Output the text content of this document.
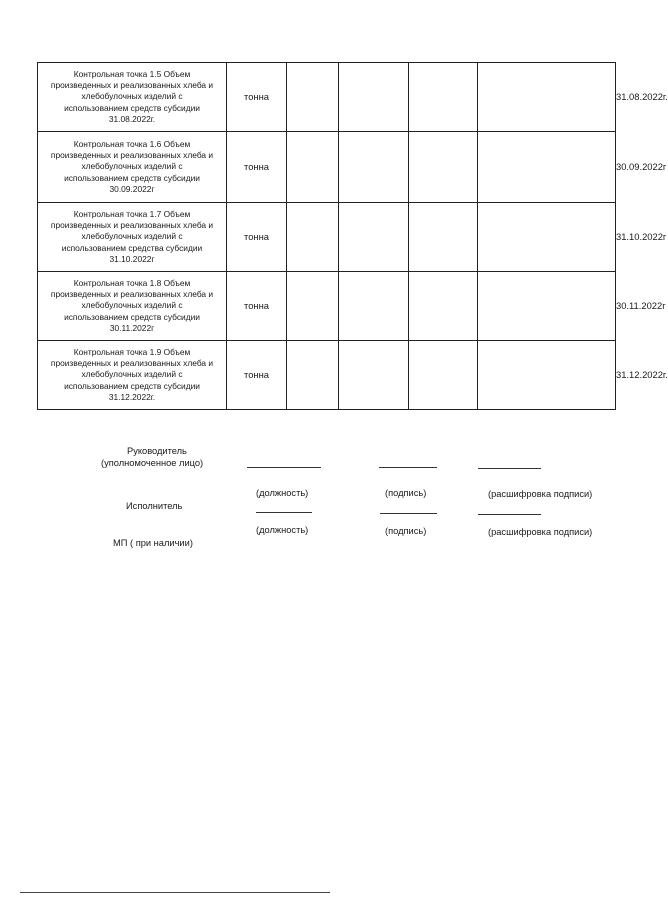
Контрольная точка 1.5 Объем
произведенных и реализованных хлеба и
хлебобулочных изделий с
использованием средств субсидии
31.08.2022г.	тонна					31.08.2022г.

Контрольная точка 1.6 Объем
произведенных и реализованных хлеба и
хлебобулочных изделий с
использованием средств субсидии
30.09.2022г	тонна					30.09.2022г

Контрольная точка 1.7 Объем
произведенных и реализованных хлеба и
хлебобулочных изделий с
использованием средства субсидии
31.10.2022г	тонна					31.10.2022г

Контрольная точка 1.8 Объем
произведенных и реализованных хлеба и
хлебобулочных изделий с
использованием средств субсидии
30.11.2022г	тонна					30.11.2022г

Контрольная точка 1.9 Объем
произведенных и реализованных хлеба и
хлебобулочных изделий с
использованием средств субсидии
31.12.2022г.	тонна					31.12.2022г.
Руководитель
(уполномоченное лицо)
(должность)	(подпись)	(расшифровка подписи)
Исполнитель
(должность)	(подпись)	(расшифровка подписи)
МП ( при наличии)
